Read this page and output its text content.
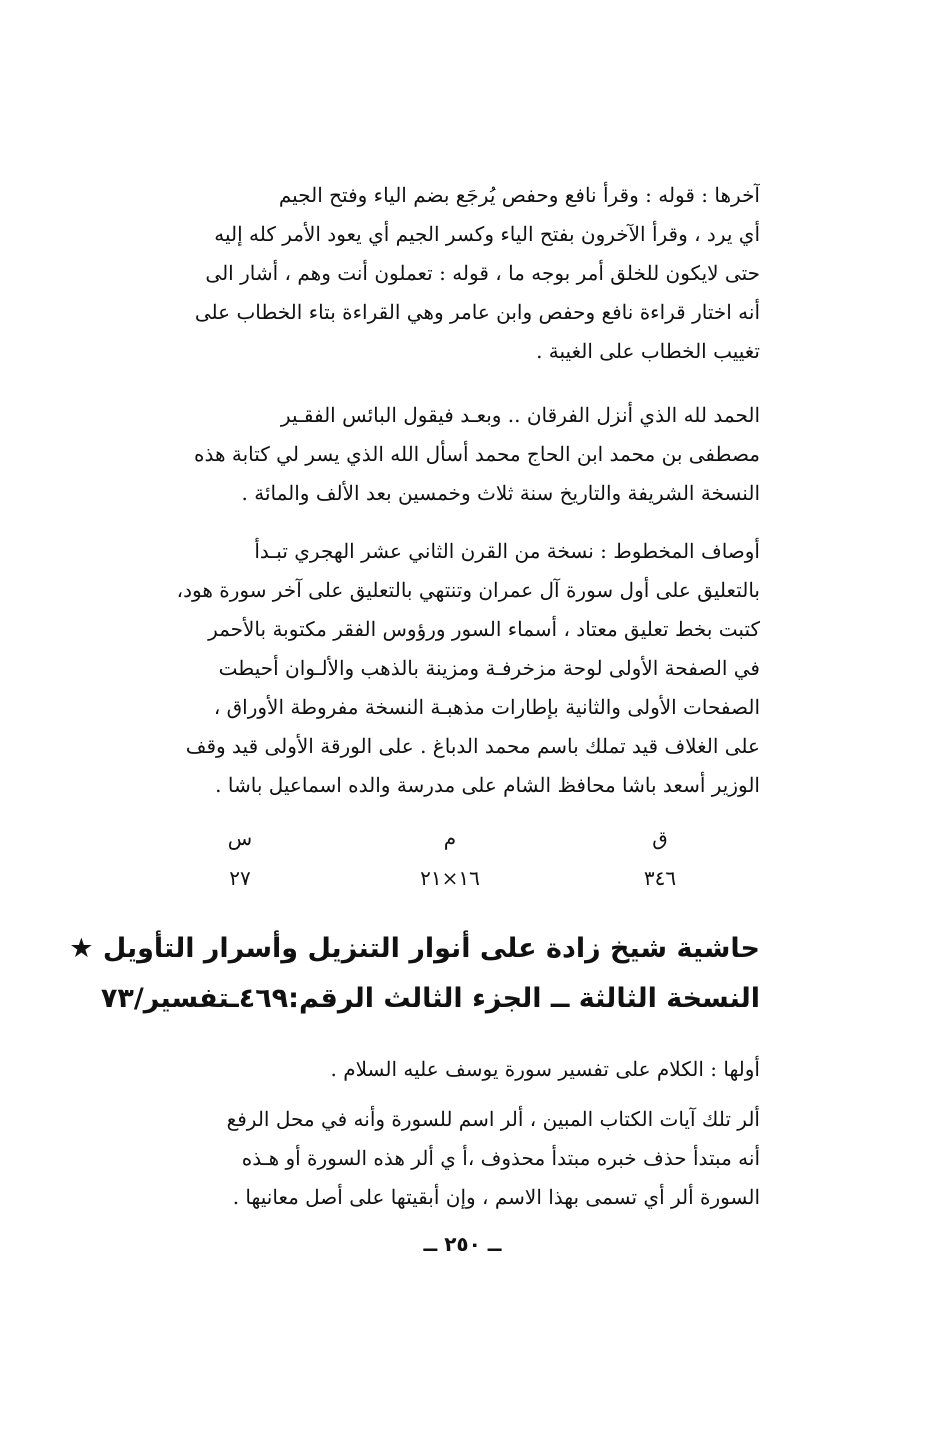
آخرها : قوله : وقرأ نافع وحفص يُرجَع بضم الياء وفتح الجيم
أي يرد ، وقرأ الآخرون بفتح الياء وكسر الجيم أي يعود الأمر كله إليه
حتى لايكون للخلق أمر بوجه ما ، قوله : تعملون أنت وهم ، أشار الى
أنه اختار قراءة نافع وحفص وابن عامر وهي القراءة بتاء الخطاب على
تغييب الخطاب على الغيبة .
الحمد لله الذي أنزل الفرقان .. وبعـد فيقول البائس الفقـير
مصطفى بن محمد ابن الحاج محمد أسأل الله الذي يسر لي كتابة هذه
النسخة الشريفة والتاريخ سنة ثلاث وخمسين بعد الألف والمائة .
أوصاف المخطوط : نسخة من القرن الثاني عشر الهجري تبـدأ
بالتعليق على أول سورة آل عمران وتنتهي بالتعليق على آخر سورة هود،
كتبت بخط تعليق معتاد ، أسماء السور ورؤوس الفقر مكتوبة بالأحمر
في الصفحة الأولى لوحة مزخرفـة ومزينة بالذهب والألـوان أحيطت
الصفحات الأولى والثانية بإطارات مذهبـة النسخة مفروطة الأوراق ،
على الغلاف قيد تملك باسم محمد الدباغ . على الورقة الأولى قيد وقف
الوزير أسعد باشا محافظ الشام على مدرسة والده اسماعيل باشا .
ق
م
س
٣٤٦
١٦×٢١
٢٧
حاشية شيخ زادة على أنوار التنزيل وأسرار التأويل ★
النسخة الثالثة ــ الجزء الثالث الرقم:٤٦٩ـتفسير/٧٣
أولها : الكلام على تفسير سورة يوسف عليه السلام .
ألر تلك آيات الكتاب المبين ، ألر اسم للسورة وأنه في محل الرفع
أنه مبتدأ حذف خبره مبتدأ محذوف ،أ ي ألر هذه السورة أو هـذه
السورة ألر أي تسمى بهذا الاسم ، وإن أبقيتها على أصل معانيها .
ــ ٢٥٠ ــ
